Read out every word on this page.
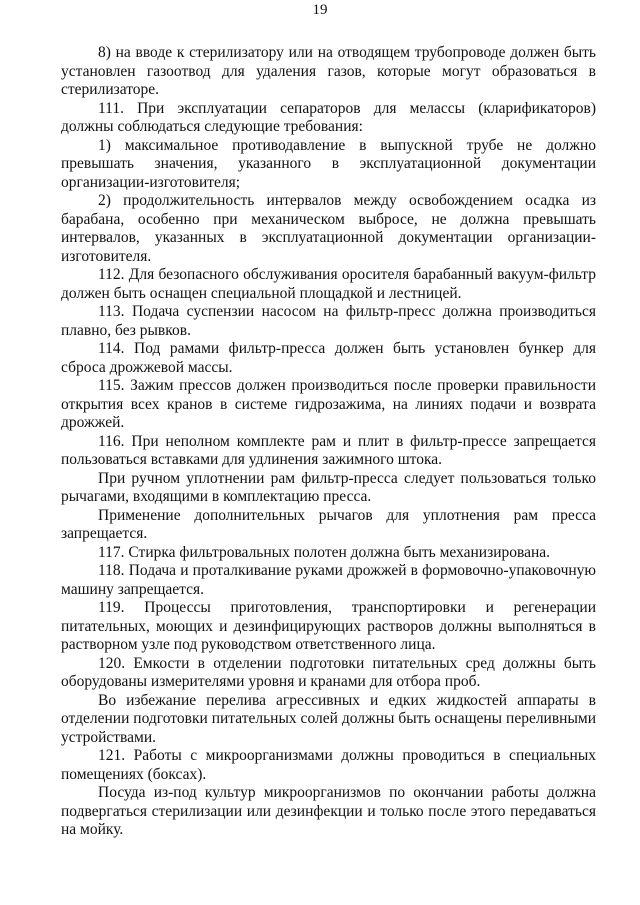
19

8) на вводе к стерилизатору или на отводящем трубопроводе должен быть установлен газоотвод для удаления газов, которые могут образоваться в стерилизаторе.

111. При эксплуатации сепараторов для мелассы (кларификаторов) должны соблюдаться следующие требования:

1) максимальное противодавление в выпускной трубе не должно превышать значения, указанного в эксплуатационной документации организации-изготовителя;

2) продолжительность интервалов между освобождением осадка из барабана, особенно при механическом выбросе, не должна превышать интервалов, указанных в эксплуатационной документации организации-изготовителя.

112. Для безопасного обслуживания оросителя барабанный вакуум-фильтр должен быть оснащен специальной площадкой и лестницей.

113. Подача суспензии насосом на фильтр-пресс должна производиться плавно, без рывков.

114. Под рамами фильтр-пресса должен быть установлен бункер для сброса дрожжевой массы.

115. Зажим прессов должен производиться после проверки правильности открытия всех кранов в системе гидрозажима, на линиях подачи и возврата дрожжей.

116. При неполном комплекте рам и плит в фильтр-прессе запрещается пользоваться вставками для удлинения зажимного штока.

При ручном уплотнении рам фильтр-пресса следует пользоваться только рычагами, входящими в комплектацию пресса.

Применение дополнительных рычагов для уплотнения рам пресса запрещается.

117. Стирка фильтровальных полотен должна быть механизирована.

118. Подача и проталкивание руками дрожжей в формовочно-упаковочную машину запрещается.

119. Процессы приготовления, транспортировки и регенерации питательных, моющих и дезинфицирующих растворов должны выполняться в растворном узле под руководством ответственного лица.

120. Емкости в отделении подготовки питательных сред должны быть оборудованы измерителями уровня и кранами для отбора проб.

Во избежание перелива агрессивных и едких жидкостей аппараты в отделении подготовки питательных солей должны быть оснащены переливными устройствами.

121. Работы с микроорганизмами должны проводиться в специальных помещениях (боксах).

Посуда из-под культур микроорганизмов по окончании работы должна подвергаться стерилизации или дезинфекции и только после этого передаваться на мойку.
